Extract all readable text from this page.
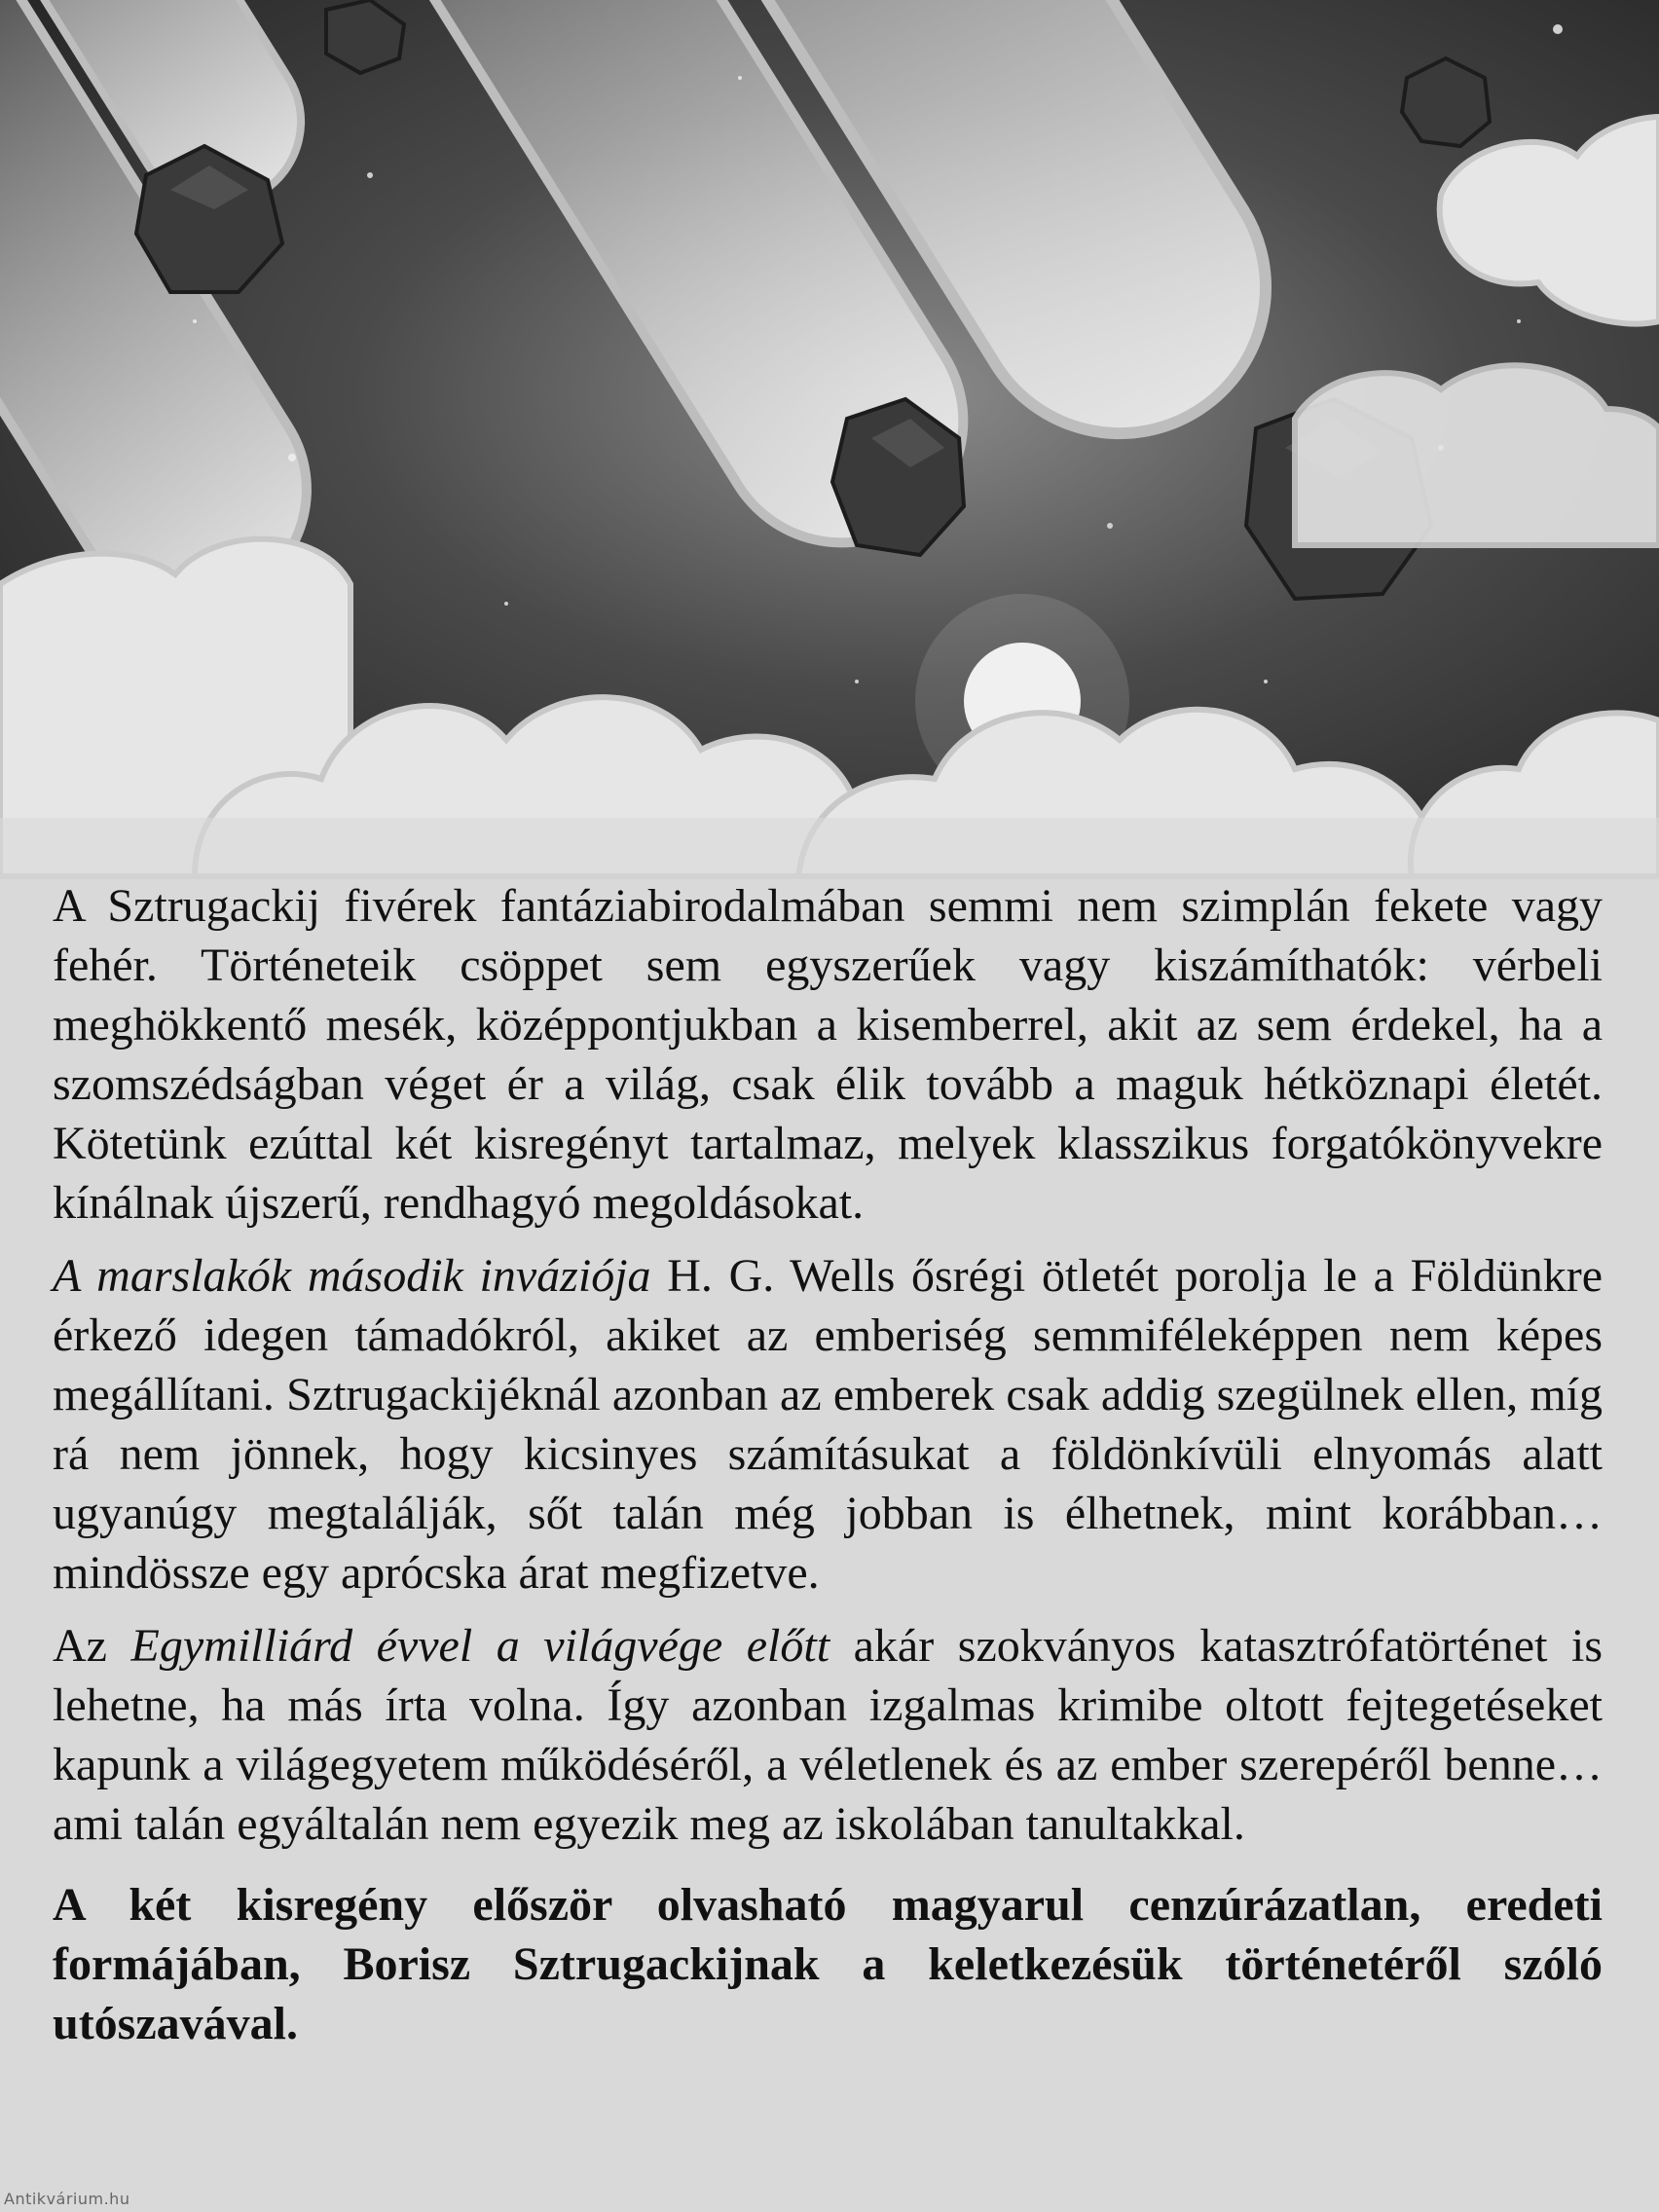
A Sztrugackij fivérek fantáziabirodalmában semmi nem szimplán fekete vagy fehér. Történeteik csöppet sem egyszerűek vagy kiszámíthatók: vérbeli meghökkentő mesék, középpontjukban a kisemberrel, akit az sem érdekel, ha a szomszédságban véget ér a világ, csak élik tovább a maguk hétköznapi életét. Kötetünk ezúttal két kisregényt tartalmaz, melyek klasszikus forgatókönyvekre kínálnak újszerű, rendhagyó megoldásokat.

A marslakók második inváziója H. G. Wells ősrégi ötletét porolja le a Földünkre érkező idegen támadókról, akiket az emberiség semmiféleképpen nem képes megállítani. Sztrugackijéknál azonban az emberek csak addig szegülnek ellen, míg rá nem jönnek, hogy kicsinyes számításukat a földönkívüli elnyomás alatt ugyanúgy megtalálják, sőt talán még jobban is élhetnek, mint korábban… mindössze egy aprócska árat megfizetve.

Az Egymilliárd évvel a világvége előtt akár szokványos katasztrófatörténet is lehetne, ha más írta volna. Így azonban izgalmas krimibe oltott fejtegetéseket kapunk a világegyetem működéséről, a véletlenek és az ember szerepéről benne… ami talán egyáltalán nem egyezik meg az iskolában tanultakkal.

A két kisregény először olvasható magyarul cenzúrázatlan, eredeti formájában, Borisz Sztrugackijnak a keletkezésük történetéről szóló utószavával.

Antikvárium.hu
